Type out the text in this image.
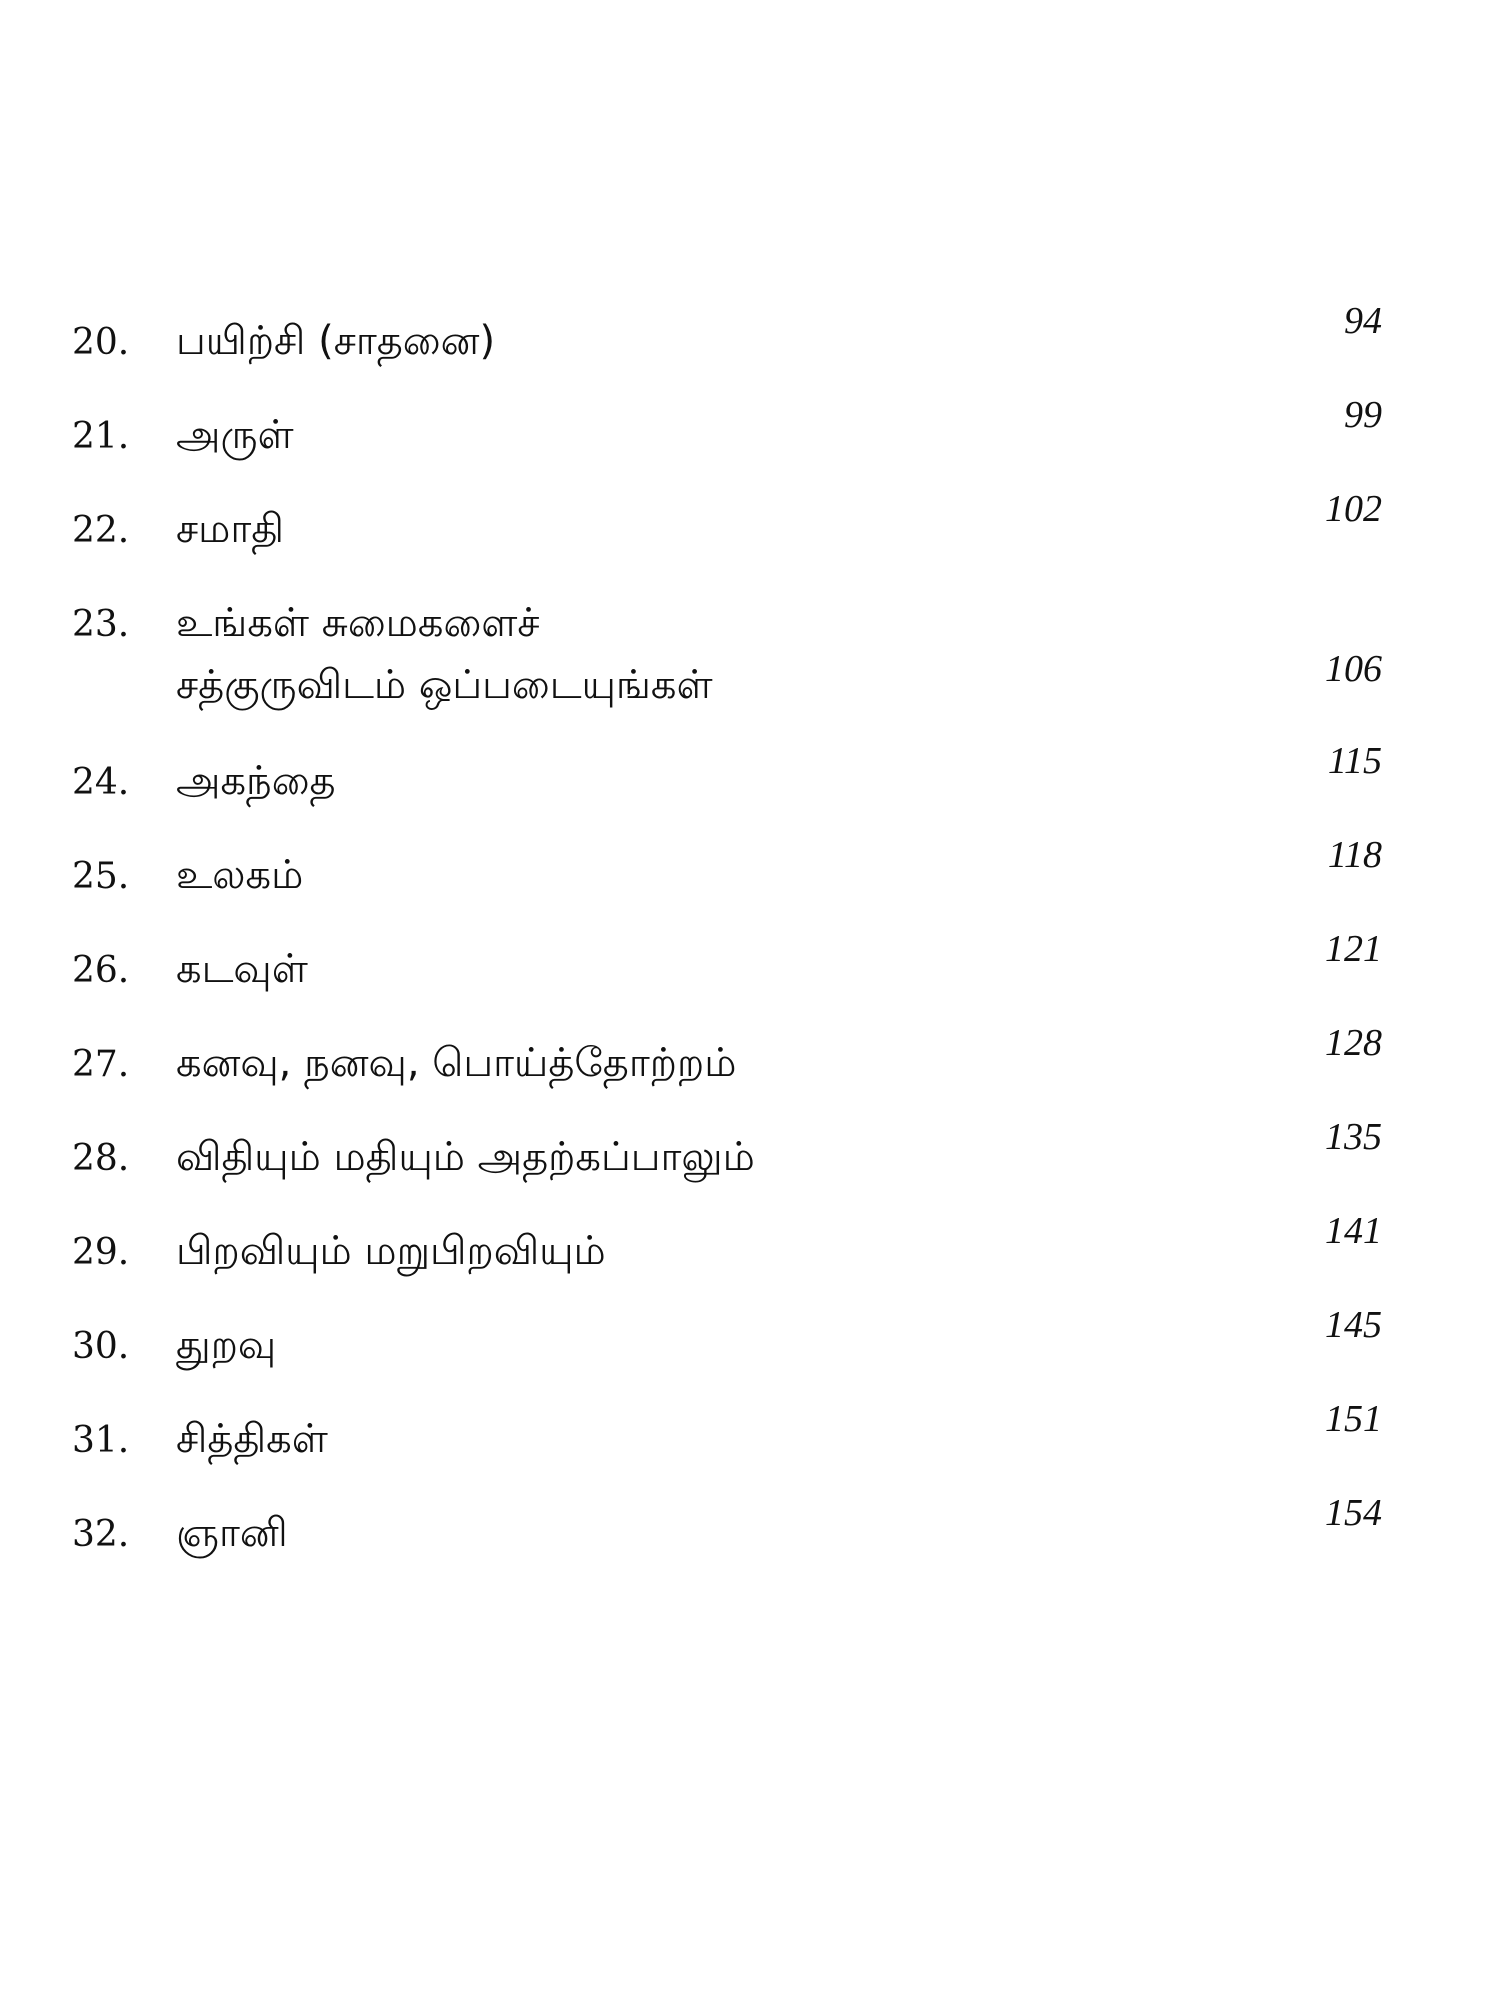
20.	பயிற்சி (சாதனை)	94
21.	அருள்	99
22.	சமாதி	102
23.	உங்கள் சுமைகளைச்
சத்குருவிடம் ஒப்படையுங்கள்	106
24.	அகந்தை	115
25.	உலகம்	118
26.	கடவுள்	121
27.	கனவு, நனவு, பொய்த்தோற்றம்	128
28.	விதியும் மதியும் அதற்கப்பாலும்	135
29.	பிறவியும் மறுபிறவியும்	141
30.	துறவு	145
31.	சித்திகள்	151
32.	ஞானி	154
